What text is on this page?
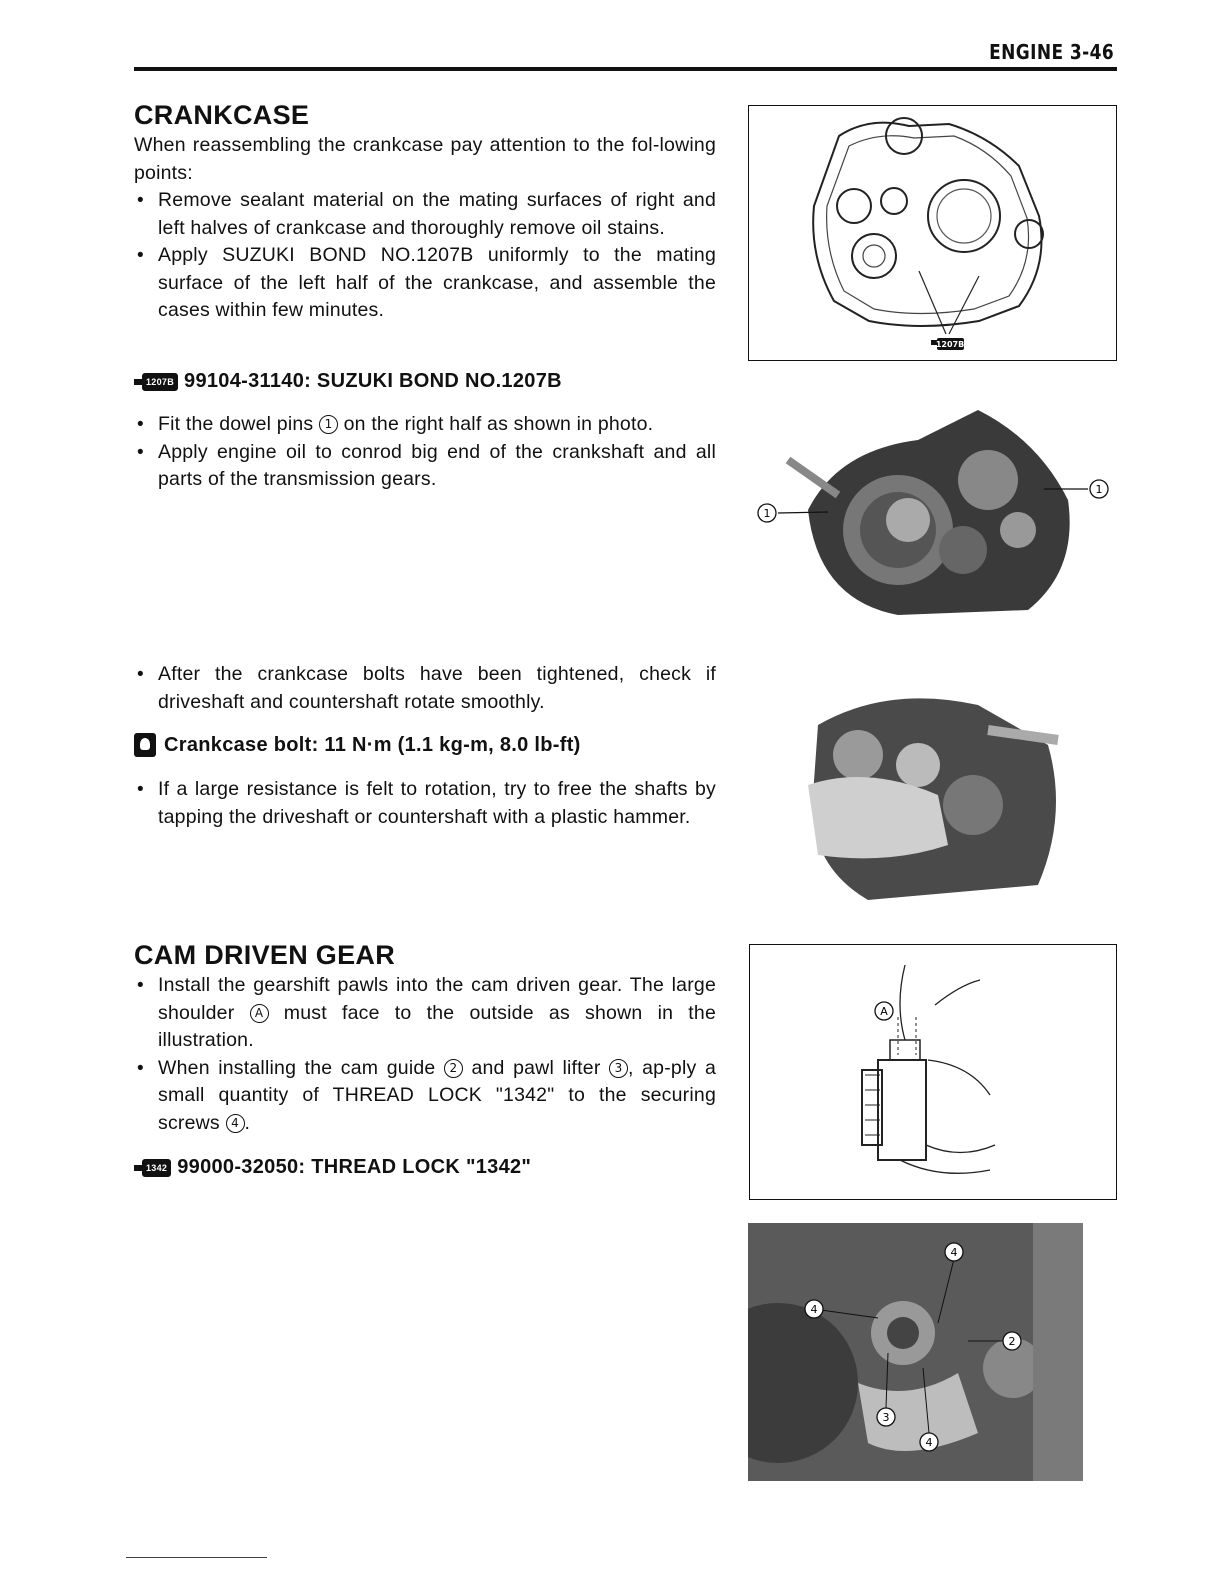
ENGINE 3-46
CRANKCASE

When reassembling the crankcase pay attention to the fol-lowing points:

• Remove sealant material on the mating surfaces of right and left halves of crankcase and thoroughly remove oil stains.
• Apply SUZUKI BOND NO.1207B uniformly to the mating surface of the left half of the crankcase, and assemble the cases within few minutes.
1207B 99104-31140: SUZUKI BOND NO.1207B
• Fit the dowel pins 1 on the right half as shown in photo.
• Apply engine oil to conrod big end of the crankshaft and all parts of the transmission gears.
• After the crankcase bolts have been tightened, check if driveshaft and countershaft rotate smoothly.
Crankcase bolt: 11 N·m (1.1 kg-m, 8.0 lb-ft)
• If a large resistance is felt to rotation, try to free the shafts by tapping the driveshaft or countershaft with a plastic hammer.
CAM DRIVEN GEAR
• Install the gearshift pawls into the cam driven gear. The large shoulder A must face to the outside as shown in the illustration.
• When installing the cam guide 2 and pawl lifter 3 , ap-ply a small quantity of THREAD LOCK "1342" to the securing screws 4 .
1342 99000-32050: THREAD LOCK "1342"
1207B
1
1
A
4
4
2
3
4
